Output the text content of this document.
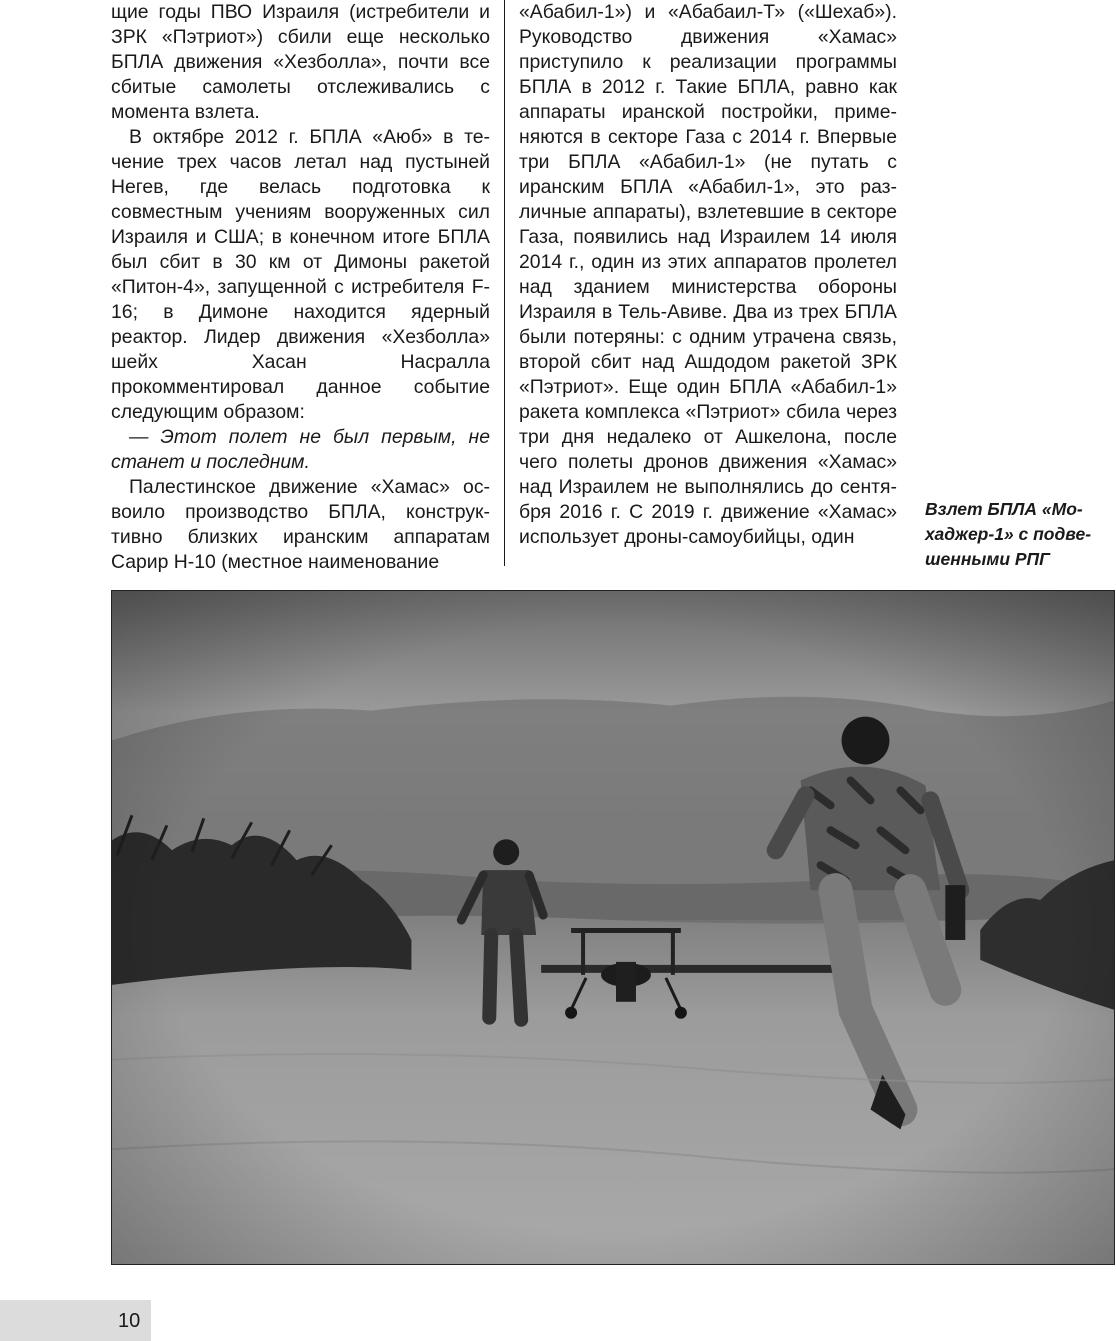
щие годы ПВО Израиля (истребители и ЗРК «Пэтриот») сбили еще несколько БПЛА движения «Хезболла», почти все сбитые самолеты отслеживались с момента взлета.

В октябре 2012 г. БПЛА «Аюб» в течение трех часов летал над пустыней Негев, где велась подготовка к совместным учениям вооруженных сил Израиля и США; в конечном итоге БПЛА был сбит в 30 км от Димоны ракетой «Питон-4», запущенной с истребителя F-16; в Димоне находится ядерный реактор. Лидер движения «Хезболла» шейх Хасан Насралла прокомментировал данное событие следующим образом:

— Этот полет не был первым, не станет и последним.

Палестинское движение «Хамас» освоило производство БПЛА, конструктивно близких иранским аппаратам Сарир Н-10 (местное наименование

«Абабил-1») и «Абабаил-Т» («Шехаб»). Руководство движения «Хамас» приступило к реализации программы БПЛА в 2012 г. Такие БПЛА, равно как аппараты иранской постройки, применяются в секторе Газа с 2014 г. Впервые три БПЛА «Абабил-1» (не путать с иранским БПЛА «Абабил-1», это различные аппараты), взлетевшие в секторе Газа, появились над Израилем 14 июля 2014 г., один из этих аппаратов пролетел над зданием министерства обороны Израиля в Тель-Авиве. Два из трех БПЛА были потеряны: с одним утрачена связь, второй сбит над Ашдодом ракетой ЗРК «Пэтриот». Еще один БПЛА «Абабил-1» ракета комплекса «Пэтриот» сбила через три дня недалеко от Ашкелона, после чего полеты дронов движения «Хамас» над Израилем не выполнялись до сентября 2016 г. С 2019 г. движение «Хамас» использует дроны-самоубийцы, один

Взлет БПЛА «Мохаджер-1» с подвешенными РПГ
10
